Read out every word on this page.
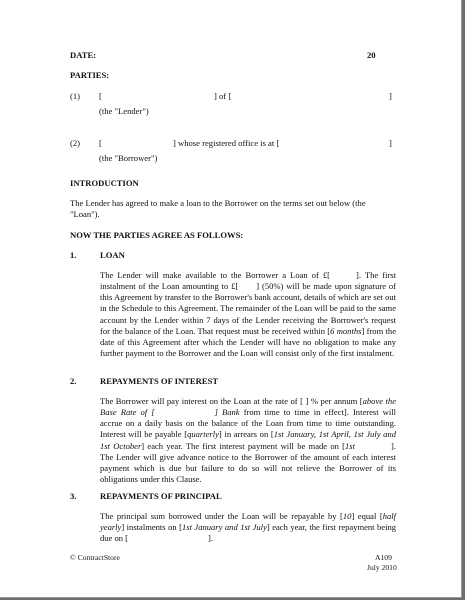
DATE:	20
PARTIES:
(1) [	] of [	]
(the "Lender")
(2) [	] whose registered office is at [	]
(the "Borrower")
INTRODUCTION
The Lender has agreed to make a loan to the Borrower on the terms set out below (the
"Loan").
NOW THE PARTIES AGREE AS FOLLOWS:
1.	LOAN
The Lender will make available to the Borrower a Loan of £[	]. The first instalment of the Loan amounting to £[ ] (50%) will be made upon signature of this Agreement by transfer to the Borrower's bank account, details of which are set out in the Schedule to this Agreement. The remainder of the Loan will be paid to the same account by the Lender within 7 days of the Lender receiving the Borrower's request for the balance of the Loan. That request must be received within [6 months] from the date of this Agreement after which the Lender will have no obligation to make any further payment to the Borrower and the Loan will consist only of the first instalment.
2.	REPAYMENTS OF INTEREST
The Borrower will pay interest on the Loan at the rate of [ ] % per annum [above the Base Rate of [	] Bank from time to time in effect]. Interest will accrue on a daily basis on the balance of the Loan from time to time outstanding. Interest will be payable [quarterly] in arrears on [1st January, 1st April, 1st July and 1st October] each year. The first interest payment will be made on [1st	]. The Lender will give advance notice to the Borrower of the amount of each interest payment which is due but failure to do so will not relieve the Borrower of its obligations under this Clause.
3.	REPAYMENTS OF PRINCIPAL
The principal sum borrowed under the Loan will be repayable by [10] equal [half yearly] instalments on [1st January and 1st July] each year, the first repayment being due on [	].
© ContractStore	A109
July 2010
